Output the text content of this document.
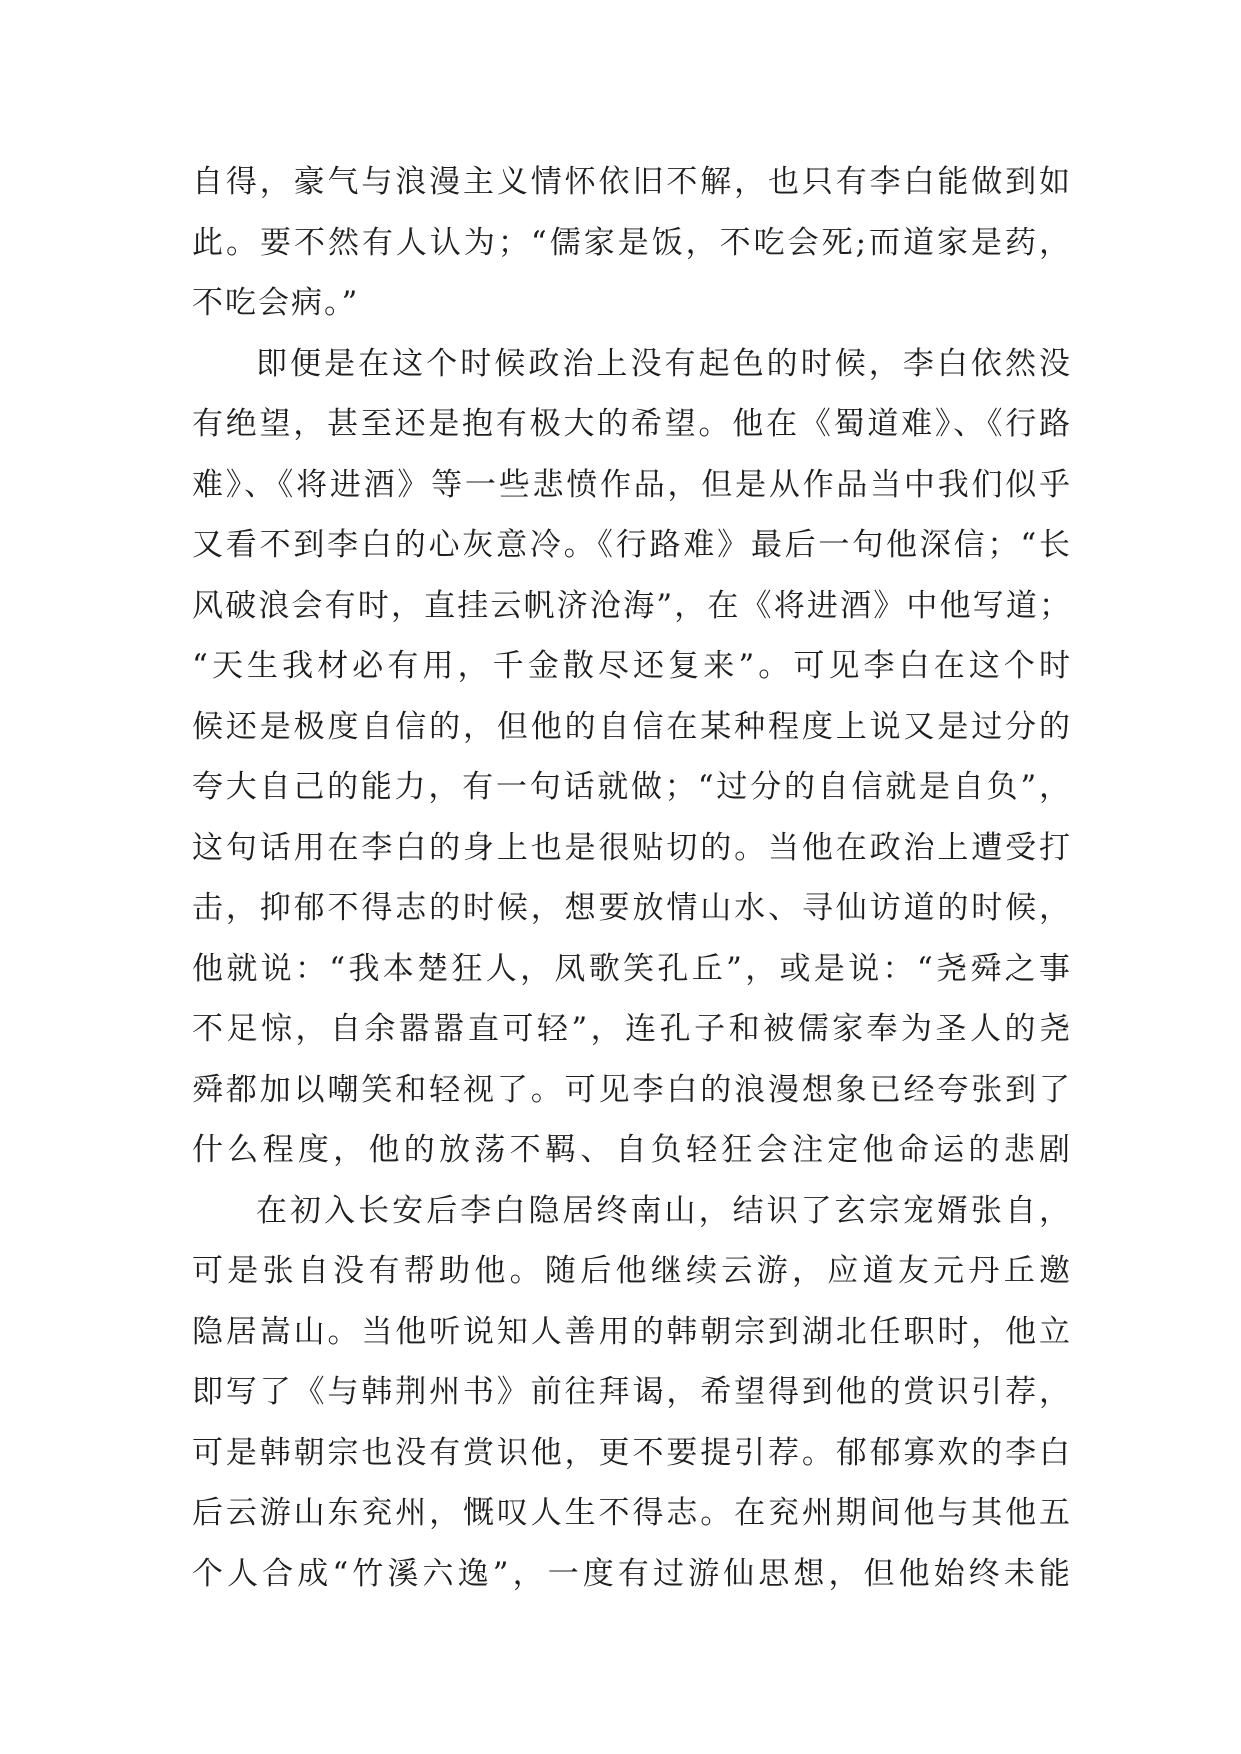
自得，豪气与浪漫主义情怀依旧不解，也只有李白能做到如
此。要不然有人认为；“儒家是饭，不吃会死;而道家是药，
不吃会病。”
即便是在这个时候政治上没有起色的时候，李白依然没
有绝望，甚至还是抱有极大的希望。他在《蜀道难》、《行路
难》、《将进酒》等一些悲愤作品，但是从作品当中我们似乎
又看不到李白的心灰意冷。《行路难》最后一句他深信；“长
风破浪会有时，直挂云帆济沧海”，在《将进酒》中他写道；
“天生我材必有用，千金散尽还复来”。可见李白在这个时
候还是极度自信的，但他的自信在某种程度上说又是过分的
夸大自己的能力，有一句话就做；“过分的自信就是自负”，
这句话用在李白的身上也是很贴切的。当他在政治上遭受打
击，抑郁不得志的时候，想要放情山水、寻仙访道的时候，
他就说：“我本楚狂人，凤歌笑孔丘”，或是说：“尧舜之事
不足惊，自余嚣嚣直可轻”，连孔子和被儒家奉为圣人的尧
舜都加以嘲笑和轻视了。可见李白的浪漫想象已经夸张到了
什么程度，他的放荡不羁、自负轻狂会注定他命运的悲剧
在初入长安后李白隐居终南山，结识了玄宗宠婿张自，
可是张自没有帮助他。随后他继续云游，应道友元丹丘邀
隐居嵩山。当他听说知人善用的韩朝宗到湖北任职时，他立
即写了《与韩荆州书》前往拜谒，希望得到他的赏识引荐，
可是韩朝宗也没有赏识他，更不要提引荐。郁郁寡欢的李白
后云游山东兖州，慨叹人生不得志。在兖州期间他与其他五
个人合成“竹溪六逸”，一度有过游仙思想，但他始终未能
